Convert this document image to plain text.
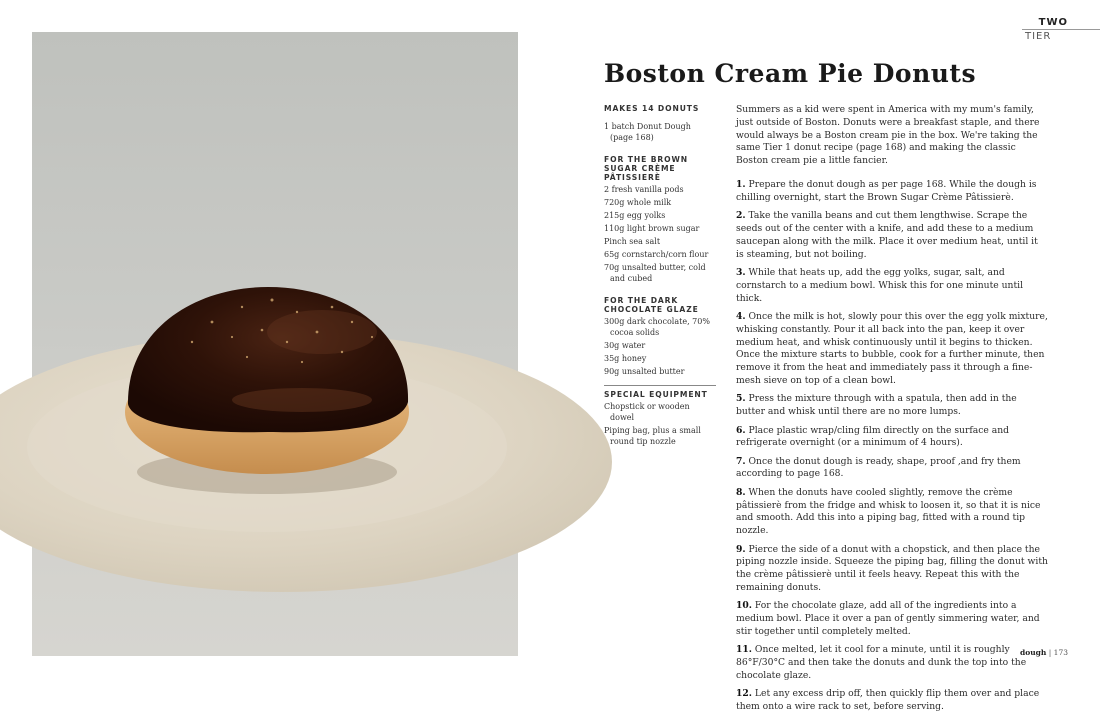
TWO
TIER
Boston Cream Pie Donuts
MAKES 14 DONUTS
1 batch Donut Dough (page 168)
FOR THE BROWN SUGAR CRÈME PÂTISSIERÈ
2 fresh vanilla pods
720g whole milk
215g egg yolks
110g light brown sugar
Pinch sea salt
65g cornstarch/corn flour
70g unsalted butter, cold and cubed
FOR THE DARK CHOCOLATE GLAZE
300g dark chocolate, 70% cocoa solids
30g water
35g honey
90g unsalted butter
SPECIAL EQUIPMENT
Chopstick or wooden dowel
Piping bag, plus a small round tip nozzle

Summers as a kid were spent in America with my mum's family, just outside of Boston. Donuts were a breakfast staple, and there would always be a Boston cream pie in the box. We're taking the same Tier 1 donut recipe (page 168) and making the classic Boston cream pie a little fancier.

1. Prepare the donut dough as per page 168. While the dough is chilling overnight, start the Brown Sugar Crème Pâtissierè.

2. Take the vanilla beans and cut them lengthwise. Scrape the seeds out of the center with a knife, and add these to a medium saucepan along with the milk. Place it over medium heat, until it is steaming, but not boiling.

3. While that heats up, add the egg yolks, sugar, salt, and cornstarch to a medium bowl. Whisk this for one minute until thick.

4. Once the milk is hot, slowly pour this over the egg yolk mixture, whisking constantly. Pour it all back into the pan, keep it over medium heat, and whisk continuously until it begins to thicken. Once the mixture starts to bubble, cook for a further minute, then remove it from the heat and immediately pass it through a fine-mesh sieve on top of a clean bowl.

5. Press the mixture through with a spatula, then add in the butter and whisk until there are no more lumps.

6. Place plastic wrap/cling film directly on the surface and refrigerate overnight (or a minimum of 4 hours).

7. Once the donut dough is ready, shape, proof ,and fry them according to page 168.

8. When the donuts have cooled slightly, remove the crème pâtissierè from the fridge and whisk to loosen it, so that it is nice and smooth. Add this into a piping bag, fitted with a round tip nozzle.

9. Pierce the side of a donut with a chopstick, and then place the piping nozzle inside. Squeeze the piping bag, filling the donut with the crème pâtissierè until it feels heavy. Repeat this with the remaining donuts.

10. For the chocolate glaze, add all of the ingredients into a medium bowl. Place it over a pan of gently simmering water, and stir together until completely melted.

11. Once melted, let it cool for a minute, until it is roughly 86°F/30°C and then take the donuts and dunk the top into the chocolate glaze.

12. Let any excess drip off, then quickly flip them over and place them onto a wire rack to set, before serving.

dough | 173
